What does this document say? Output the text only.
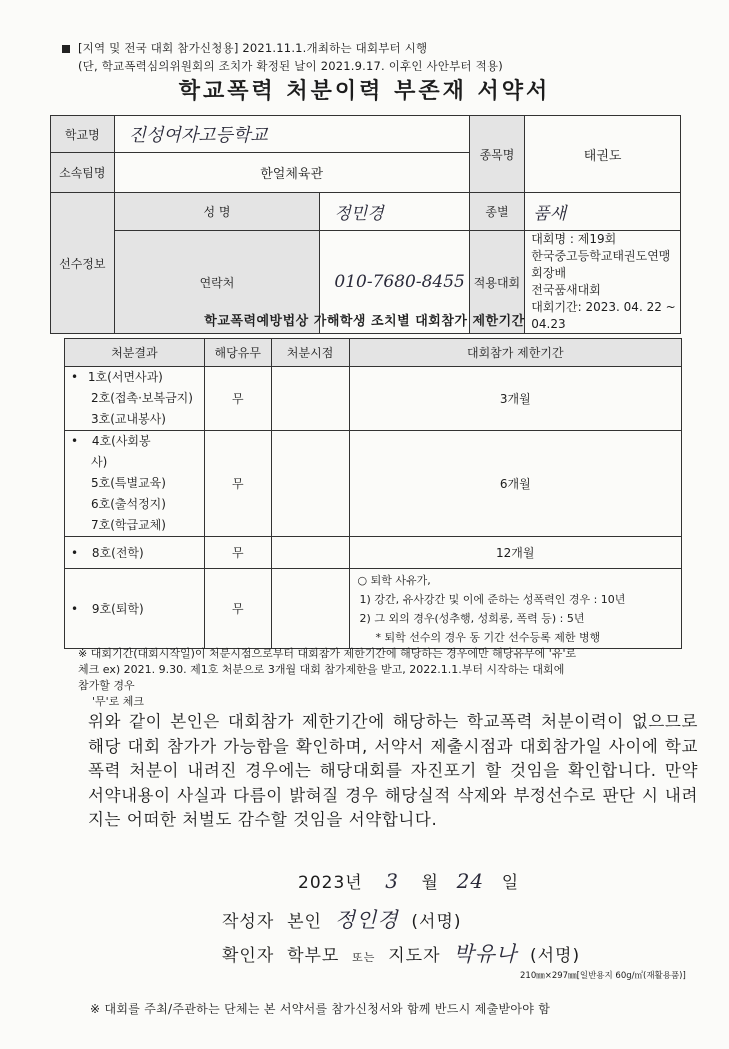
[지역 및 전국 대회 참가신청용] 2021.11.1.개최하는 대회부터 시행
(단, 학교폭력심의위원회의 조치가 확정된 날이 2021.9.17. 이후인 사안부터 적용)
학교폭력 처분이력 부존재 서약서
학교명	진성여자고등학교		종목명	태권도
소속팀명	한얼체육관			
선수정보	성 명	정민경	종별	품새
	연락처	010-7680-8455	적용대회	대회명 : 제19회
한국중고등학교태권도연맹회장배
전국품새대회
대회기간: 2023. 04. 22 ~ 04.23
학교폭력예방법상 가해학생 조치별 대회참가 제한기간
처분결과	해당유무	처분시점	대회참가 제한기간

• 1호(서면사과)
2호(접촉·보복금지)
3호(교내봉사)	무		3개월

• 4호(사회봉
사)
5호(특별교육)
6호(출석정지)
7호(학급교체)	무		6개월
• 8호(전학)	무		12개월
• 9호(퇴학)	무		○ 퇴학 사유가,
1) 강간, 유사강간 및 이에 준하는 성폭력인 경우 : 10년
2) 그 외의 경우(성추행, 성희롱, 폭력 등) : 5년
* 퇴학 선수의 경우 동 기간 선수등록 제한 병행
※ 대회기간(대회시작일)이 처분시점으로부터 대회참가 제한기간에 해당하는 경우에만 해당유무에 '유'로
체크 ex) 2021. 9.30. 제1호 처분으로 3개월 대회 참가제한을 받고, 2022.1.1.부터 시작하는 대회에
참가할 경우
'무'로 체크
위와 같이 본인은 대회참가 제한기간에 해당하는 학교폭력 처분이력이 없으므로 해당 대회 참가가 가능함을 확인하며, 서약서 제출시점과 대회참가일 사이에 학교폭력 처분이 내려진 경우에는 해당대회를 자진포기 할 것임을 확인합니다. 만약 서약내용이 사실과 다름이 밝혀질 경우 해당실적 삭제와 부정선수로 판단 시 내려지는 어떠한 처벌도 감수할 것임을 서약합니다.
2023년 3 월 24 일
작성자  본인 정인경 (서명)
확인자  학부모 또는 지도자 박유나 (서명)
210㎜×297㎜[일반용지 60g/㎡(재활용품)]
※ 대회를 주최/주관하는 단체는 본 서약서를 참가신청서와 함께 반드시 제출받아야 함
